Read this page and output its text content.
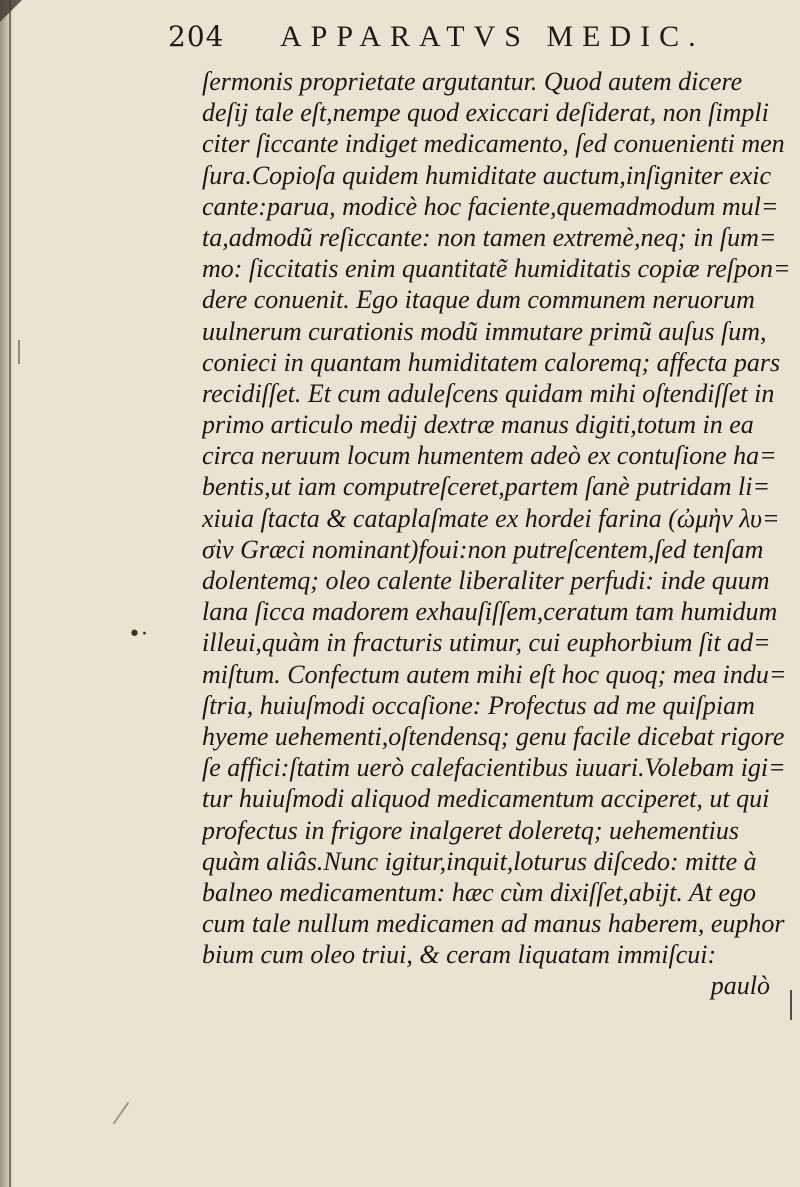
204 APPARATVS MEDIC.
ſermonis proprietate argutantur. Quod autem dicere
deſij tale eſt,nempe quod exiccari deſiderat, non ſimpli
citer ſiccante indiget medicamento, ſed conuenienti men
ſura.Copioſa quidem humiditate auctum,inſigniter exic
cante:parua, modicè hoc faciente,quemadmodum mul=
ta,admodũ reſiccante: non tamen extremè,neq; in ſum=
mo: ſiccitatis enim quantitatẽ humiditatis copiæ reſpon=
dere conuenit. Ego itaque dum communem neruorum
uulnerum curationis modũ immutare primũ auſus ſum,
conieci in quantam humiditatem caloremq; affecta pars
recidiſſet. Et cum aduleſcens quidam mihi oſtendiſſet in
primo articulo medij dextræ manus digiti,totum in ea
circa neruum locum humentem adeò ex contuſione ha=
bentis,ut iam computreſceret,partem ſanè putridam li=
xiuia ſtacta & cataplaſmate ex hordei farina (ὠμὴν λυ=
σὶν Græci nominant)foui:non putreſcentem,ſed tenſam
dolentemq; oleo calente liberaliter perfudi: inde quum
lana ſicca madorem exhauſiſſem,ceratum tam humidum
illeui,quàm in fracturis utimur, cui euphorbium ſit ad=
miſtum. Confectum autem mihi eſt hoc quoq; mea indu=
ſtria, huiuſmodi occaſione: Profectus ad me quiſpiam
hyeme uehementi,oſtendensq; genu facile dicebat rigore
ſe affici:ſtatim uerò calefacientibus iuuari.Volebam igi=
tur huiuſmodi aliquod medicamentum acciperet, ut qui
profectus in frigore inalgeret doleretq; uehementius
quàm aliâs.Nunc igitur,inquit,loturus diſcedo: mitte à
balneo medicamentum: hæc cùm dixiſſet,abijt. At ego
cum tale nullum medicamen ad manus haberem, euphor
bium cum oleo triui, & ceram liquatam immiſcui:
paulò
•·
